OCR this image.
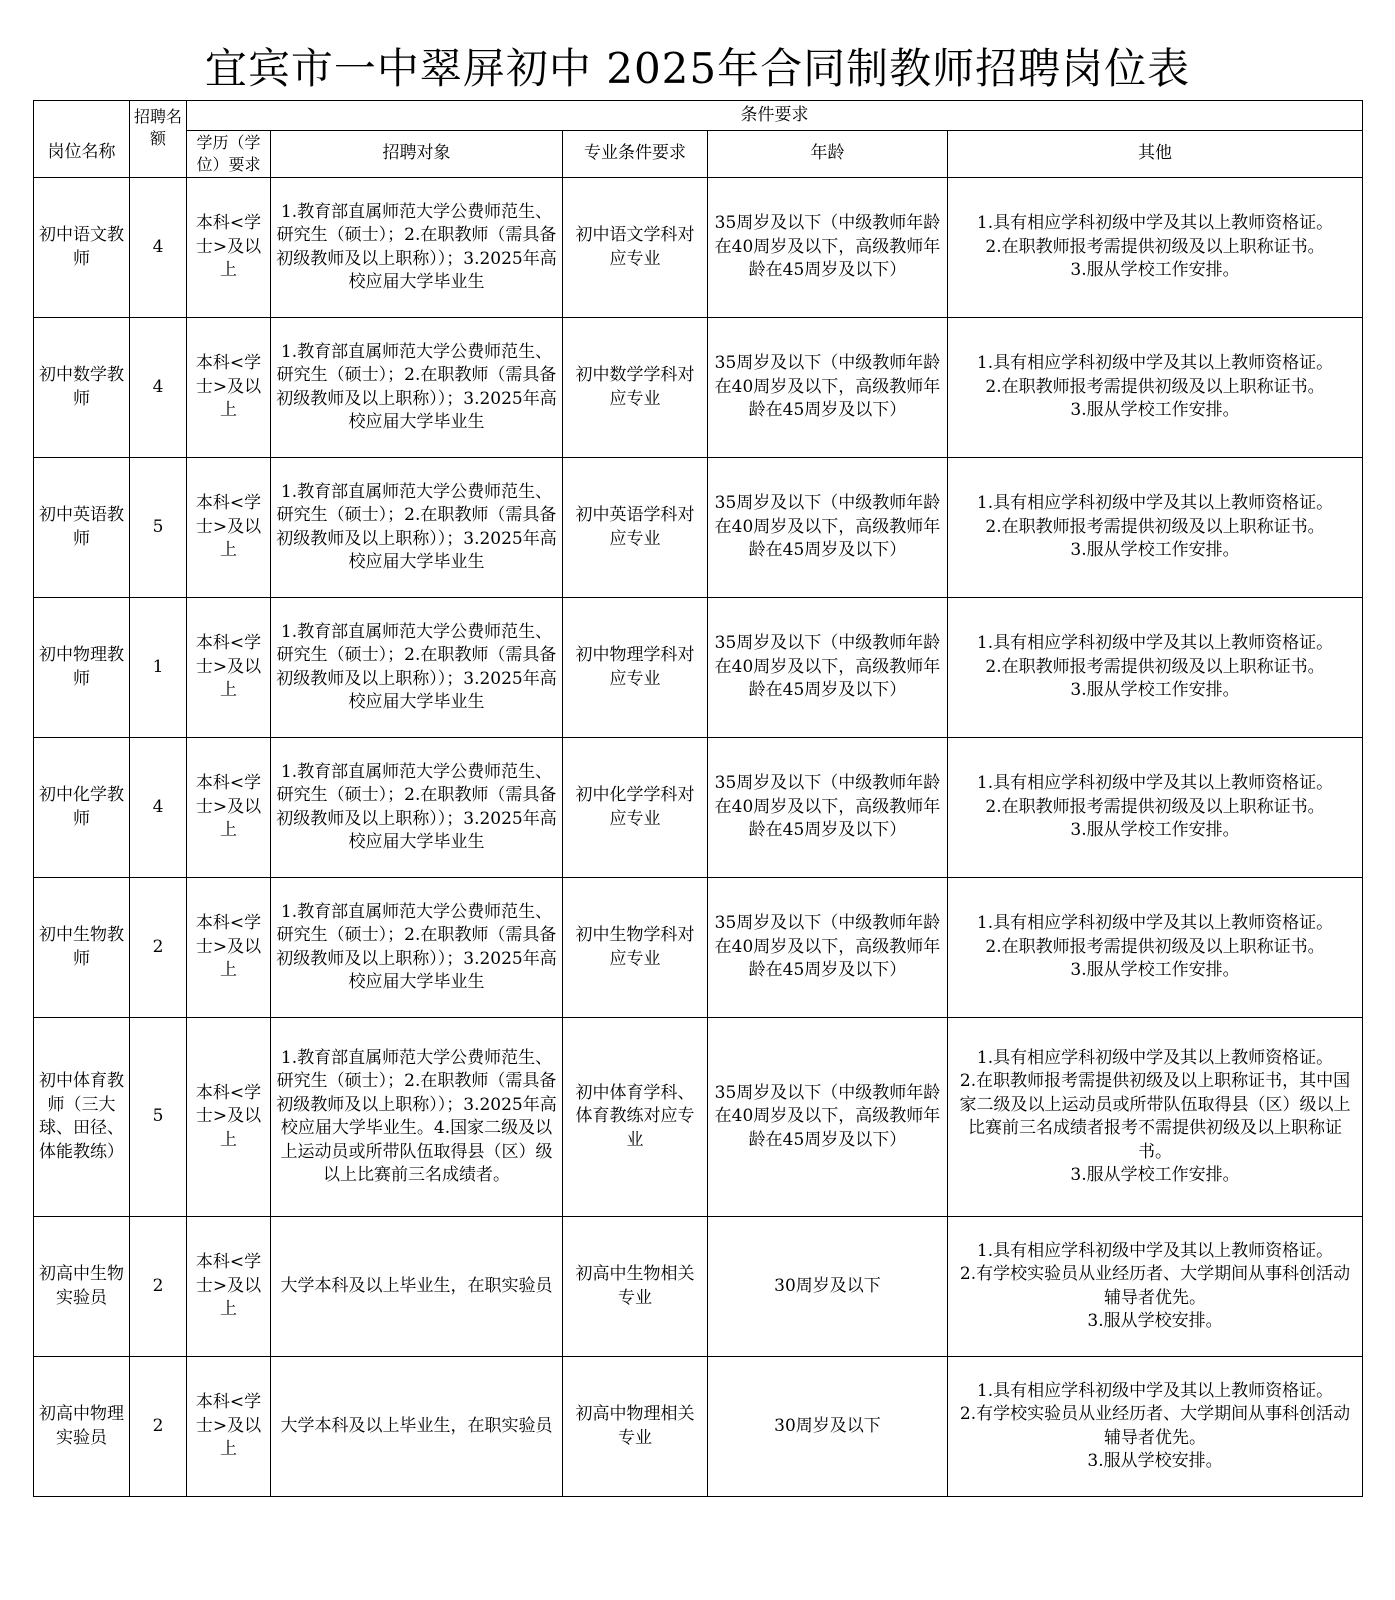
宜宾市一中翠屏初中 2025年合同制教师招聘岗位表
岗位名称	招聘名额	条件要求				
		学历（学位）要求	招聘对象	专业条件要求	年龄	其他
初中语文教师	4	本科<学士>及以上	1.教育部直属师范大学公费师范生、研究生（硕士）；2.在职教师（需具备初级教师及以上职称））；3.2025年高校应届大学毕业生	初中语文学科对应专业	35周岁及以下（中级教师年龄在40周岁及以下，高级教师年龄在45周岁及以下）	1.具有相应学科初级中学及其以上教师资格证。
2.在职教师报考需提供初级及以上职称证书。
3.服从学校工作安排。

初中数学教师	4	本科<学士>及以上	1.教育部直属师范大学公费师范生、研究生（硕士）；2.在职教师（需具备初级教师及以上职称））；3.2025年高校应届大学毕业生	初中数学学科对应专业	35周岁及以下（中级教师年龄在40周岁及以下，高级教师年龄在45周岁及以下）	1.具有相应学科初级中学及其以上教师资格证。
2.在职教师报考需提供初级及以上职称证书。
3.服从学校工作安排。

初中英语教师	5	本科<学士>及以上	1.教育部直属师范大学公费师范生、研究生（硕士）；2.在职教师（需具备初级教师及以上职称））；3.2025年高校应届大学毕业生	初中英语学科对应专业	35周岁及以下（中级教师年龄在40周岁及以下，高级教师年龄在45周岁及以下）	1.具有相应学科初级中学及其以上教师资格证。
2.在职教师报考需提供初级及以上职称证书。
3.服从学校工作安排。

初中物理教师	1	本科<学士>及以上	1.教育部直属师范大学公费师范生、研究生（硕士）；2.在职教师（需具备初级教师及以上职称））；3.2025年高校应届大学毕业生	初中物理学科对应专业	35周岁及以下（中级教师年龄在40周岁及以下，高级教师年龄在45周岁及以下）	1.具有相应学科初级中学及其以上教师资格证。
2.在职教师报考需提供初级及以上职称证书。
3.服从学校工作安排。

初中化学教师	4	本科<学士>及以上	1.教育部直属师范大学公费师范生、研究生（硕士）；2.在职教师（需具备初级教师及以上职称））；3.2025年高校应届大学毕业生	初中化学学科对应专业	35周岁及以下（中级教师年龄在40周岁及以下，高级教师年龄在45周岁及以下）	1.具有相应学科初级中学及其以上教师资格证。
2.在职教师报考需提供初级及以上职称证书。
3.服从学校工作安排。

初中生物教师	2	本科<学士>及以上	1.教育部直属师范大学公费师范生、研究生（硕士）；2.在职教师（需具备初级教师及以上职称））；3.2025年高校应届大学毕业生	初中生物学科对应专业	35周岁及以下（中级教师年龄在40周岁及以下，高级教师年龄在45周岁及以下）	1.具有相应学科初级中学及其以上教师资格证。
2.在职教师报考需提供初级及以上职称证书。
3.服从学校工作安排。

初中体育教师（三大球、田径、体能教练）	5	本科<学士>及以上	1.教育部直属师范大学公费师范生、研究生（硕士）；2.在职教师（需具备初级教师及以上职称））；3.2025年高校应届大学毕业生。4.国家二级及以上运动员或所带队伍取得县（区）级以上比赛前三名成绩者。	初中体育学科、体育教练对应专业	35周岁及以下（中级教师年龄在40周岁及以下，高级教师年龄在45周岁及以下）	1.具有相应学科初级中学及其以上教师资格证。
2.在职教师报考需提供初级及以上职称证书，其中国家二级及以上运动员或所带队伍取得县（区）级以上比赛前三名成绩者报考不需提供初级及以上职称证书。
3.服从学校工作安排。

初高中生物实验员	2	本科<学士>及以上	大学本科及以上毕业生，在职实验员	初高中生物相关专业	30周岁及以下	1.具有相应学科初级中学及其以上教师资格证。
2.有学校实验员从业经历者、大学期间从事科创活动辅导者优先。
3.服从学校安排。

初高中物理实验员	2	本科<学士>及以上	大学本科及以上毕业生，在职实验员	初高中物理相关专业	30周岁及以下	1.具有相应学科初级中学及其以上教师资格证。
2.有学校实验员从业经历者、大学期间从事科创活动辅导者优先。
3.服从学校安排。
